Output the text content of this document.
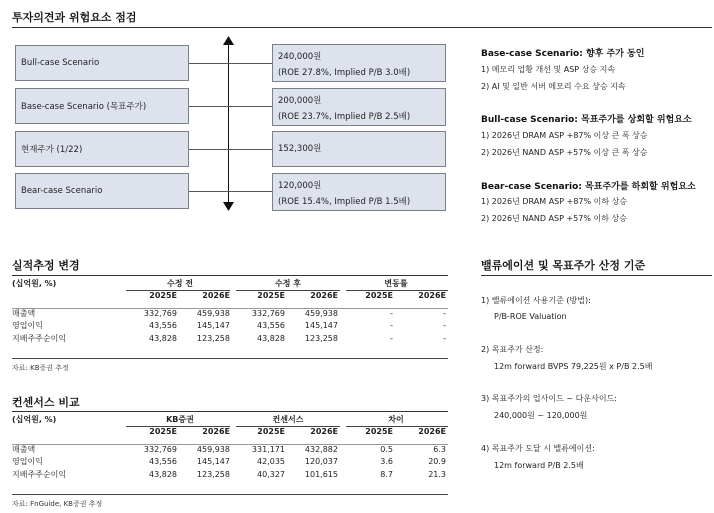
투자의견과 위험요소 점검
Bull-case Scenario
Base-case Scenario (목표주가)
현재주가 (1/22)
Bear-case Scenario
240,000원
(ROE 27.8%, Implied P/B 3.0배)
200,000원
(ROE 23.7%, Implied P/B 2.5배)
152,300원
120,000원
(ROE 15.4%, Implied P/B 1.5배)
Base-case Scenario: 향후 주가 동인
1) 메모리 업황 개선 및 ASP 상승 지속
2) AI 및 일반 서버 메모리 수요 상승 지속
Bull-case Scenario: 목표주가를 상회할 위험요소
1) 2026년 DRAM ASP +87% 이상 큰 폭 상승
2) 2026년 NAND ASP +57% 이상 큰 폭 상승
Bear-case Scenario: 목표주가를 하회할 위험요소
1) 2026년 DRAM ASP +87% 이하 상승
2) 2026년 NAND ASP +57% 이하 상승
실적추정 변경
(십억원, %)	수정 전		수정 후		변동률	
	2025E	2026E	2025E	2026E	2025E	2026E

매출액	332,769	459,938	332,769	459,938	-	-
영업이익	43,556	145,147	43,556	145,147	-	-
지배주주순이익	43,828	123,258	43,828	123,258	-	-
자료: KB증권 추정
컨센서스 비교
(십억원, %)	KB증권		컨센서스		차이	
	2025E	2026E	2025E	2026E	2025E	2026E

매출액	332,769	459,938	331,171	432,882	0.5	6.3
영업이익	43,556	145,147	42,035	120,037	3.6	20.9
지배주주순이익	43,828	123,258	40,327	101,615	8.7	21.3
자료: FnGuide, KB증권 추정
밸류에이션 및 목표주가 산정 기준
1) 밸류에이션 사용기준 (방법):
P/B-ROE Valuation
2) 목표주가 산정:
12m forward BVPS 79,225원 x P/B 2.5배
3) 목표주가의 업사이드 ~ 다운사이드:
240,000원 ~ 120,000원
4) 목표주가 도달 시 밸류에이션:
12m forward P/B 2.5배
